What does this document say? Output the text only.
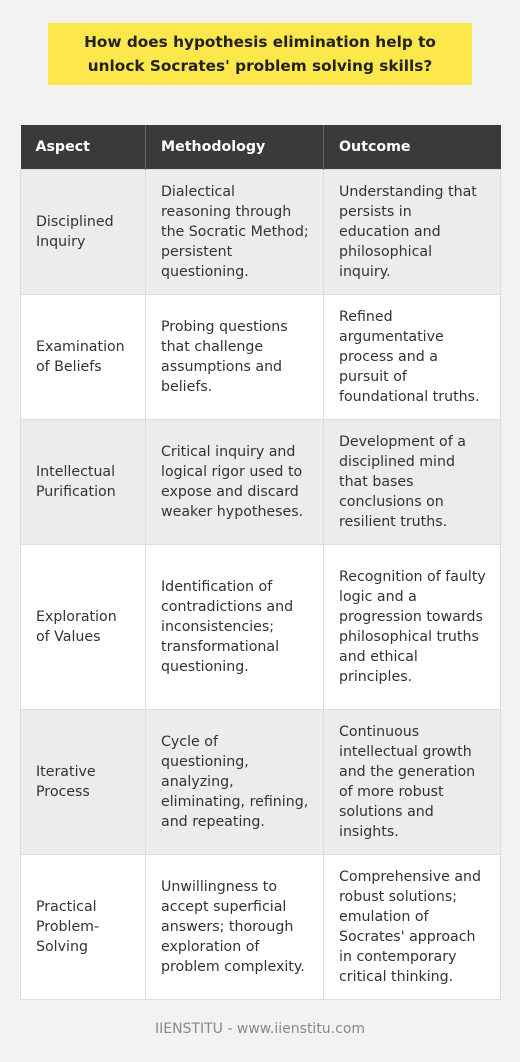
How does hypothesis elimination help to unlock Socrates' problem solving skills?
Aspect	Methodology	Outcome
Disciplined Inquiry	Dialectical reasoning through the Socratic Method; persistent questioning.	Understanding that persists in education and philosophical inquiry.
Examination of Beliefs	Probing questions that challenge assumptions and beliefs.	Refined argumentative process and a pursuit of foundational truths.
Intellectual Purification	Critical inquiry and logical rigor used to expose and discard weaker hypotheses.	Development of a disciplined mind that bases conclusions on resilient truths.
Exploration of Values	Identification of contradictions and inconsistencies; transformational questioning.	Recognition of faulty logic and a progression towards philosophical truths and ethical principles.
Iterative Process	Cycle of questioning, analyzing, eliminating, refining, and repeating.	Continuous intellectual growth and the generation of more robust solutions and insights.
Practical Problem-Solving	Unwillingness to accept superficial answers; thorough exploration of problem complexity.	Comprehensive and robust solutions; emulation of Socrates' approach in contemporary critical thinking.
IIENSTITU - www.iienstitu.com
